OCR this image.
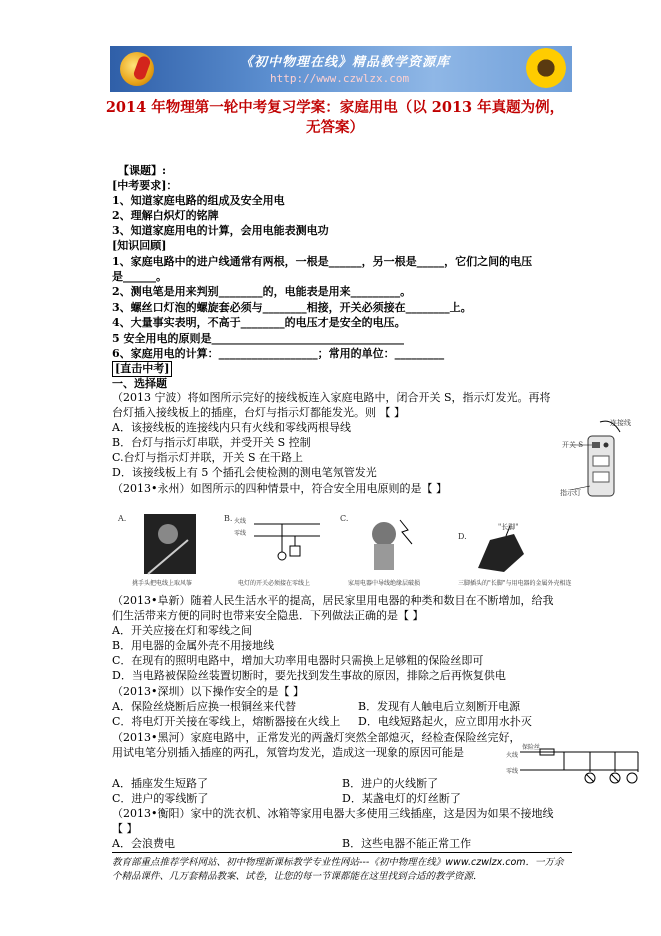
《初中物理在线》精品教学资源库
http://www.czwlzx.com
2014 年物理第一轮中考复习学案：家庭用电（以 2013 年真题为例，
无答案）
【课题】:
[中考要求]：
1、知道家庭电路的组成及安全用电
2、理解白炽灯的铭牌
3、知道家庭用电的计算，会用电能表测电功
[知识回顾]
1、家庭电路中的进户线通常有两根，一根是______，另一根是_____，它们之间的电压
是______。
2、测电笔是用来判别________的，电能表是用来_________。
3、螺丝口灯泡的螺旋套必须与________相接，开关必须接在________上。
4、大量事实表明，不高于________的电压才是安全的电压。
5 安全用电的原则是___________________________________
6、家庭用电的计算：__________________；常用的单位：_________
[直击中考]
一、选择题
（2013 宁波）将如图所示完好的接线板连入家庭电路中，闭合开关 S，指示灯发光。再将
台灯插入接线板上的插座，台灯与指示灯都能发光。则 【 】
A．该接线板的连接线内只有火线和零线两根导线
B．台灯与指示灯串联，并受开关 S 控制
C.台灯与指示灯并联，开关 S 在干路上
D．该接线板上有 5 个插孔会使检测的测电笔氖管发光
（2013•永州）如图所示的四种情景中，符合安全用电原则的是【 】
连接线
开关 S
指示灯
A.
挑手头把电线上取风筝
B. 火线
零线
电灯的开关必须接在零线上
C.
家用电器中导线绝缘层破损
D.
"长脚"
三脚插头的"长脚"与用电器的金属外壳相连
（2013•阜新）随着人民生活水平的提高，居民家里用电器的种类和数目在不断增加，给我
们生活带来方便的同时也带来安全隐患．下列做法正确的是【 】
A．开关应接在灯和零线之间
B．用电器的金属外壳不用接地线
C．在现有的照明电路中，增加大功率用电器时只需换上足够粗的保险丝即可
D．当电路被保险丝装置切断时，要先找到发生事故的原因，排除之后再恢复供电
（2013•深圳）以下操作安全的是【 】
A．保险丝烧断后应换一根铜丝来代替	B．发现有人触电后立刻断开电源
C．将电灯开关接在零线上，熔断器接在火线上 D．电线短路起火，应立即用水扑灭
（2013•黑河）家庭电路中，正常发光的两盏灯突然全部熄灭，经检查保险丝完好，
用试电笔分别插入插座的两孔，氖管均发光，造成这一现象的原因可能是	保险丝
火线
零线
A．插座发生短路了	B．进户的火线断了
C．进户的零线断了	D．某盏电灯的灯丝断了
（2013•衡阳）家中的洗衣机、冰箱等家用电器大多使用三线插座，这是因为如果不接地线
【 】
A．会浪费电	B．这些电器不能正常工作
教育部重点推荐学科网站、初中物理新课标教学专业性网站---《初中物理在线》www.czwlzx.com．一万余个精品课件、几万套精品教案、试卷，让您的每一节课都能在这里找到合适的教学资源．
